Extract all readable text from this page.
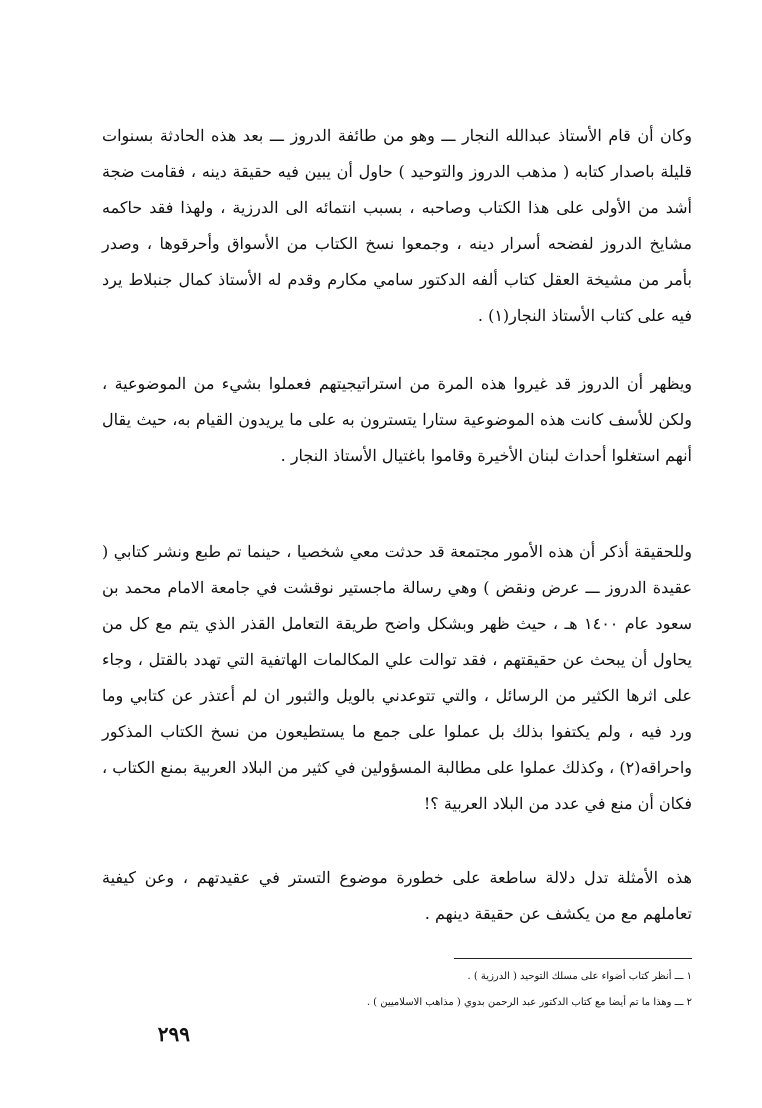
وكان أن قام الأستاذ عبدالله النجار ـــ وهو من طائفة الدروز ـــ بعد هذه الحادثة بسنوات قليلة باصدار كتابه ( مذهب الدروز والتوحيد ) حاول أن يبين فيه حقيقة دينه ، فقامت ضجة أشد من الأولى على هذا الكتاب وصاحبه ، بسبب انتمائه الى الدرزية ، ولهذا فقد حاكمه مشايخ الدروز لفضحه أسرار دينه ، وجمعوا نسخ الكتاب من الأسواق وأحرقوها ، وصدر بأمر من مشيخة العقل كتاب ألفه الدكتور سامي مكارم وقدم له الأستاذ كمال جنبلاط يرد فيه على كتاب الأستاذ النجار(١) .

ويظهر أن الدروز قد غيروا هذه المرة من استراتيجيتهم فعملوا بشيء من الموضوعية ، ولكن للأسف كانت هذه الموضوعية ستارا يتسترون به على ما يريدون القيام به، حيث يقال أنهم استغلوا أحداث لبنان الأخيرة وقاموا باغتيال الأستاذ النجار .

وللحقيقة أذكر أن هذه الأمور مجتمعة قد حدثت معي شخصيا ، حينما تم طبع ونشر كتابي ( عقيدة الدروز ـــ عرض ونقض ) وهي رسالة ماجستير نوقشت في جامعة الامام محمد بن سعود عام ١٤٠٠ هـ ، حيث ظهر وبشكل واضح طريقة التعامل القذر الذي يتم مع كل من يحاول أن يبحث عن حقيقتهم ، فقد توالت علي المكالمات الهاتفية التي تهدد بالقتل ، وجاء على اثرها الكثير من الرسائل ، والتي تتوعدني بالويل والثبور ان لم أعتذر عن كتابي وما ورد فيه ، ولم يكتفوا بذلك بل عملوا على جمع ما يستطيعون من نسخ الكتاب المذكور واحراقه(٢) ، وكذلك عملوا على مطالبة المسؤولين في كثير من البلاد العربية بمنع الكتاب ، فكان أن منع في عدد من البلاد العربية ؟!

هذه الأمثلة تدل دلالة ساطعة على خطورة موضوع التستر في عقيدتهم ، وعن كيفية تعاملهم مع من يكشف عن حقيقة دينهم .

١ ـــ أنظر كتاب أضواء على مسلك التوحيد ( الدرزية ) .
٢ ـــ وهذا ما تم أيضا مع كتاب الدكتور عبد الرحمن بدوي ( مذاهب الاسلاميين ) .
٢٩٩
